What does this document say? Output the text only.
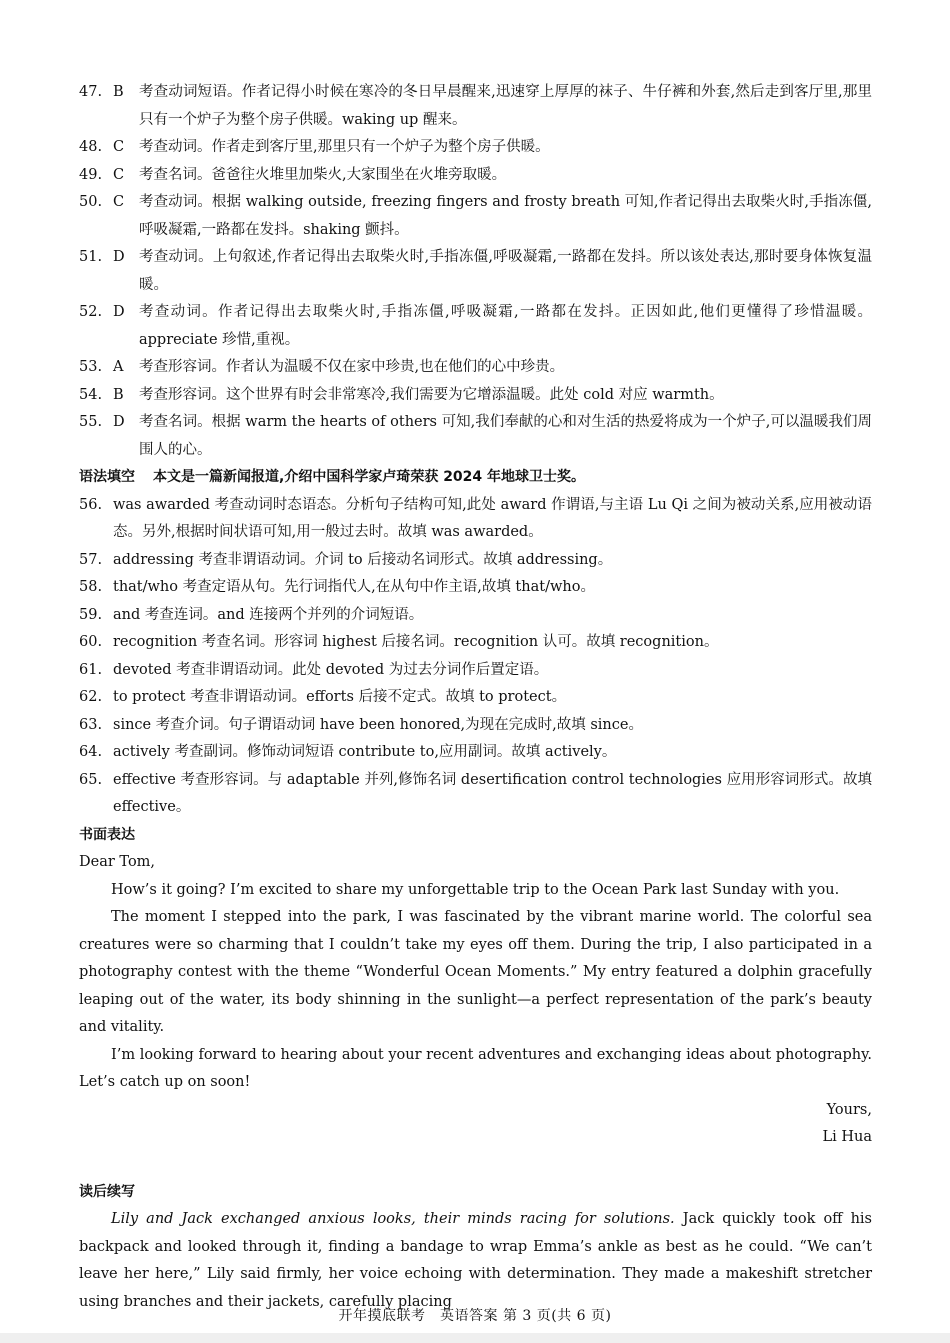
47. B	考查动词短语。作者记得小时候在寒冷的冬日早晨醒来,迅速穿上厚厚的袜子、牛仔裤和外套,然后走到客厅里,那里只有一个炉子为整个房子供暖。waking up 醒来。
48. C	考查动词。作者走到客厅里,那里只有一个炉子为整个房子供暖。
49. C	考查名词。爸爸往火堆里加柴火,大家围坐在火堆旁取暖。
50. C	考查动词。根据 walking outside, freezing fingers and frosty breath 可知,作者记得出去取柴火时,手指冻僵,呼吸凝霜,一路都在发抖。shaking 颤抖。
51. D 考查动词。上句叙述,作者记得出去取柴火时,手指冻僵,呼吸凝霜,一路都在发抖。所以该处表达,那时要身体恢复温暖。
52. D 考查动词。作者记得出去取柴火时,手指冻僵,呼吸凝霜,一路都在发抖。正因如此,他们更懂得了珍惜温暖。appreciate 珍惜,重视。
53. A	考查形容词。作者认为温暖不仅在家中珍贵,也在他们的心中珍贵。
54. B	考查形容词。这个世界有时会非常寒冷,我们需要为它增添温暖。此处 cold 对应 warmth。
55. D 考查名词。根据 warm the hearts of others 可知,我们奉献的心和对生活的热爱将成为一个炉子,可以温暖我们周围人的心。
语法填空 本文是一篇新闻报道,介绍中国科学家卢琦荣获 2024 年地球卫士奖。
56. was awarded 考查动词时态语态。分析句子结构可知,此处 award 作谓语,与主语 Lu Qi 之间为被动关系,应用被动语态。另外,根据时间状语可知,用一般过去时。故填 was awarded。
57. addressing 考查非谓语动词。介词 to 后接动名词形式。故填 addressing。
58. that/who 考查定语从句。先行词指代人,在从句中作主语,故填 that/who。
59. and 考查连词。and 连接两个并列的介词短语。
60. recognition 考查名词。形容词 highest 后接名词。recognition 认可。故填 recognition。
61. devoted 考查非谓语动词。此处 devoted 为过去分词作后置定语。
62. to protect 考查非谓语动词。efforts 后接不定式。故填 to protect。
63. since 考查介词。句子谓语动词 have been honored,为现在完成时,故填 since。
64. actively 考查副词。修饰动词短语 contribute to,应用副词。故填 actively。
65. effective 考查形容词。与 adaptable 并列,修饰名词 desertification control technologies 应用形容词形式。故填 effective。
书面表达
Dear Tom,

How’s it going? I’m excited to share my unforgettable trip to the Ocean Park last Sunday with you.

The moment I stepped into the park, I was fascinated by the vibrant marine world. The colorful sea creatures were so charming that I couldn’t take my eyes off them. During the trip, I also participated in a photography contest with the theme “Wonderful Ocean Moments.” My entry featured a dolphin gracefully leaping out of the water, its body shinning in the sunlight—a perfect representation of the park’s beauty and vitality.

I’m looking forward to hearing about your recent adventures and exchanging ideas about photography. Let’s catch up on soon!

Yours,
Li Hua
读后续写

Lily and Jack exchanged anxious looks, their minds racing for solutions. Jack quickly took off his backpack and looked through it, finding a bandage to wrap Emma’s ankle as best as he could. “We can’t leave her here,” Lily said firmly, her voice echoing with determination. They made a makeshift stretcher using branches and their jackets, carefully placing

开年摸底联考　英语答案 第 3 页(共 6 页)
